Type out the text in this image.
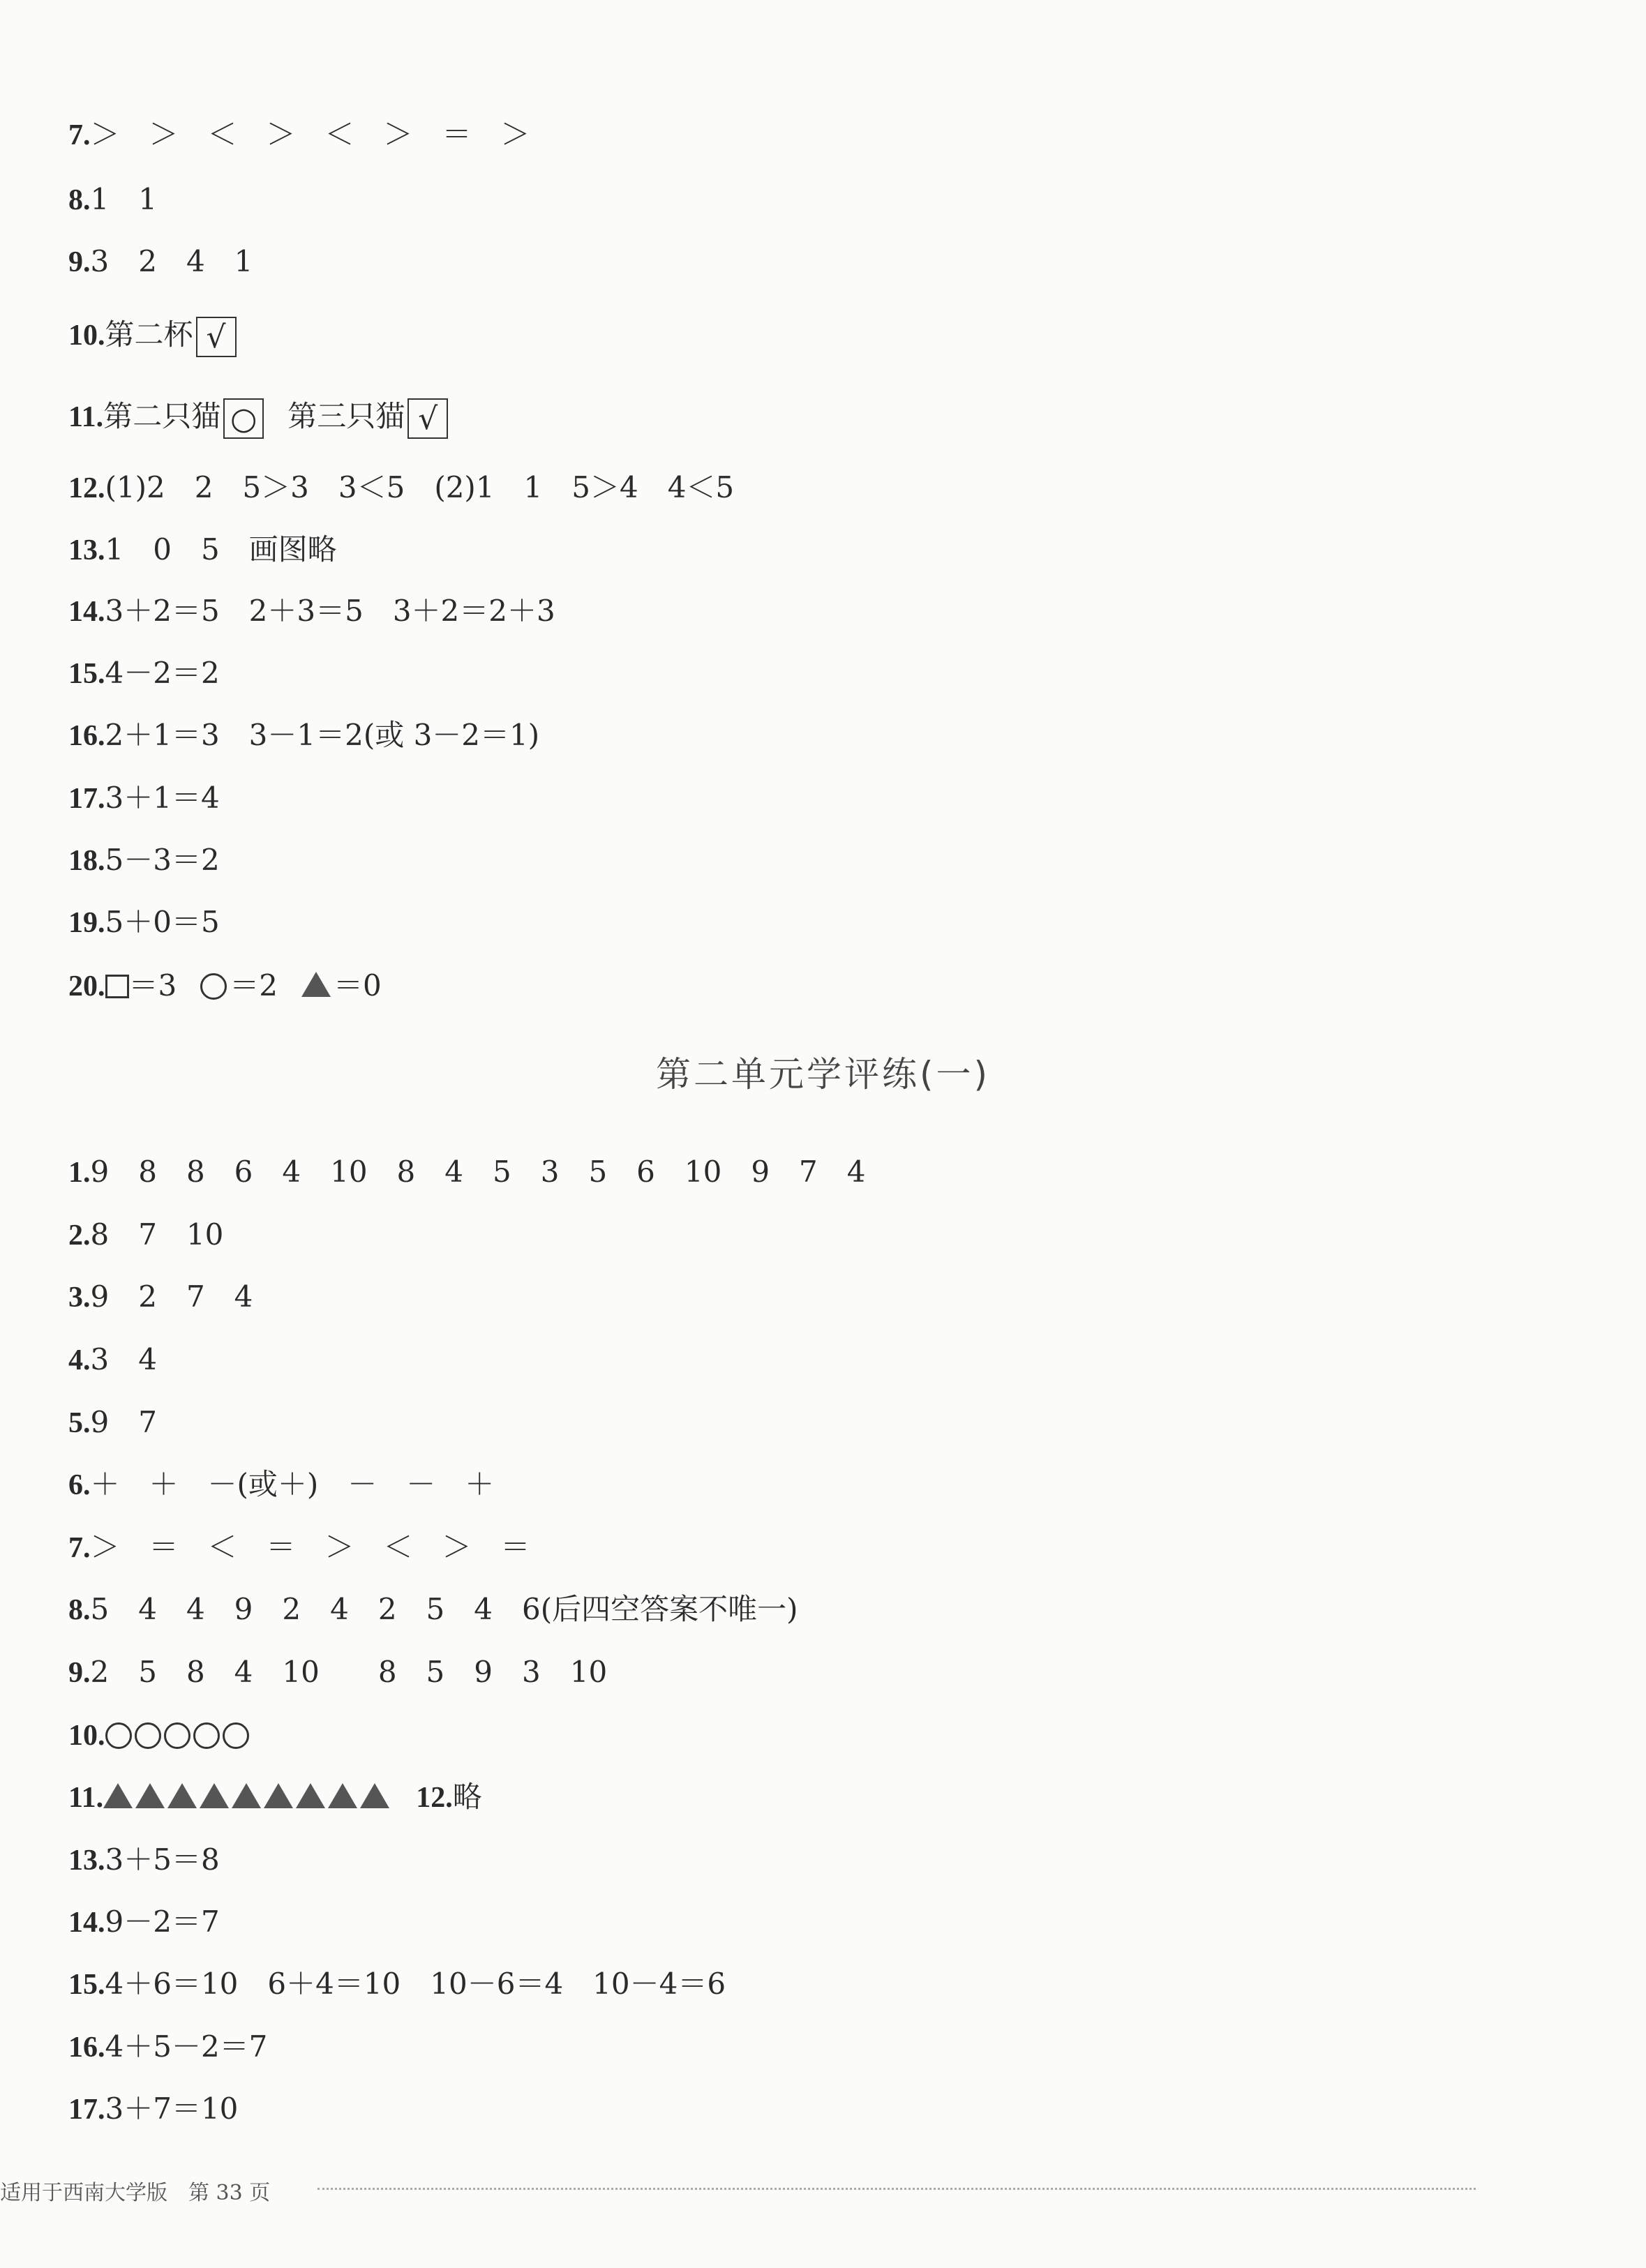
7.＞　＞　＜　＞　＜　＞　＝　＞
8.1　1
9.3　2　4　1
10.第二杯 √
11.第二只猫 ○ 第三只猫 √
12.(1)2　2　5＞3　3＜5　(2)1　1　5＞4　4＜5
13.1　0　5　画图略
14.3＋2＝5　2＋3＝5　3＋2＝2＋3
15.4－2＝2
16.2＋1＝3　3－1＝2(或 3－2＝1)
17.3＋1＝4
18.5－3＝2
19.5＋0＝5
20. ＝3 ＝2 ＝0
第二单元学评练(一)
1.9　8　8　6　4　10　8　4　5　3　5　6　10　9　7　4
2.8　7　10
3.9　2　7　4
4.3　4
5.9　7
6.＋　＋　－(或＋)　－　－　＋
7.＞　＝　＜　＝　＞　＜　＞　＝
8.5　4　4　9　2　4　2　5　4　6(后四空答案不唯一)
9.2　5　8　4　10　　8　5　9　3　10
10.
11.	12.略
13.3＋5＝8
14.9－2＝7
15.4＋6＝10　6＋4＝10　10－6＝4　10－4＝6
16.4＋5－2＝7
17.3＋7＝10
适用于西南大学版　第 33 页
